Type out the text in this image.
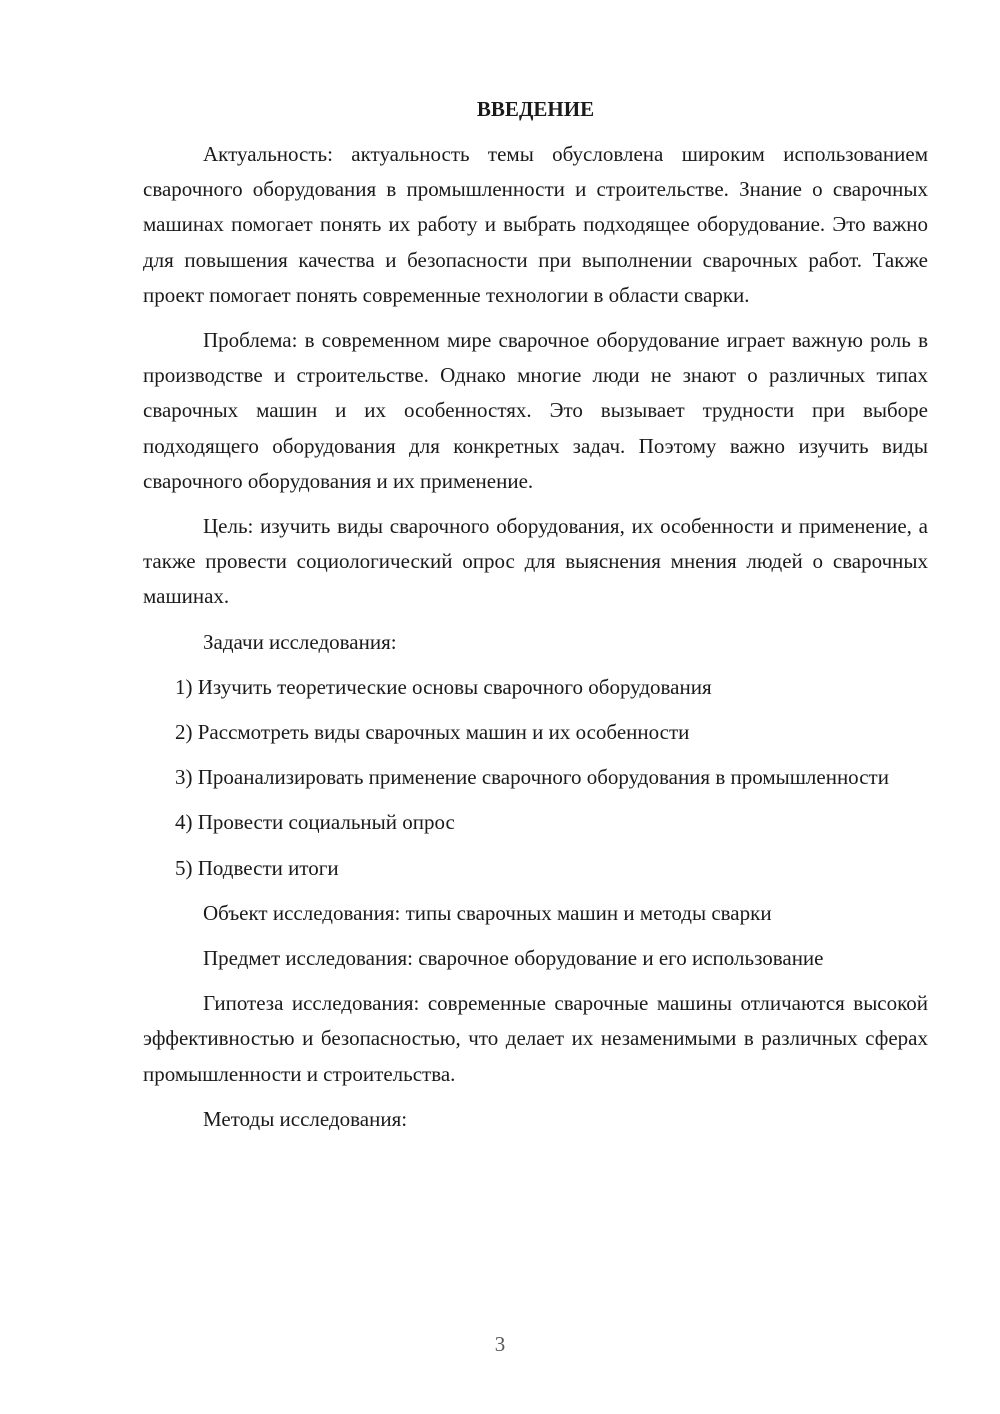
ВВЕДЕНИЕ

Актуальность: актуальность темы обусловлена широким использованием сварочного оборудования в промышленности и строительстве. Знание о сварочных машинах помогает понять их работу и выбрать подходящее оборудование. Это важно для повышения качества и безопасности при выполнении сварочных работ. Также проект помогает понять современные технологии в области сварки.

Проблема: в современном мире сварочное оборудование играет важную роль в производстве и строительстве. Однако многие люди не знают о различных типах сварочных машин и их особенностях. Это вызывает трудности при выборе подходящего оборудования для конкретных задач. Поэтому важно изучить виды сварочного оборудования и их применение.

Цель: изучить виды сварочного оборудования, их особенности и применение, а также провести социологический опрос для выяснения мнения людей о сварочных машинах.

Задачи исследования:

1) Изучить теоретические основы сварочного оборудования

2) Рассмотреть виды сварочных машин и их особенности

3) Проанализировать применение сварочного оборудования в промышленности

4) Провести социальный опрос

5) Подвести итоги

Объект исследования: типы сварочных машин и методы сварки

Предмет исследования: сварочное оборудование и его использование

Гипотеза исследования: современные сварочные машины отличаются высокой эффективностью и безопасностью, что делает их незаменимыми в различных сферах промышленности и строительства.

Методы исследования:

3
